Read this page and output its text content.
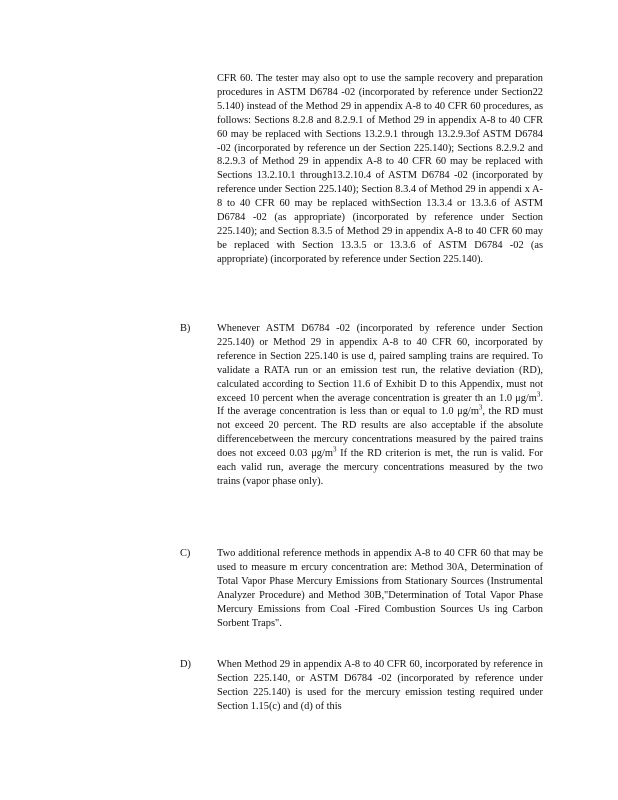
CFR 60. The tester may also opt to use the sample recovery and preparation procedures in ASTM D6784 -02 (incorporated by reference under Section22 5.140) instead of the Method 29 in appendix A-8 to 40 CFR 60 procedures, as follows: Sections 8.2.8 and 8.2.9.1 of Method 29 in appendix A-8 to 40 CFR 60 may be replaced with Sections 13.2.9.1 through 13.2.9.3of ASTM D6784 -02 (incorporated by reference un der Section 225.140); Sections 8.2.9.2 and 8.2.9.3 of Method 29 in appendix A-8 to 40 CFR 60 may be replaced with Sections 13.2.10.1 through13.2.10.4 of ASTM D6784 -02 (incorporated by reference under Section 225.140); Section 8.3.4 of Method 29 in appendi x A-8 to 40 CFR 60 may be replaced withSection 13.3.4 or 13.3.6 of ASTM D6784 -02 (as appropriate) (incorporated by reference under Section 225.140); and Section 8.3.5 of Method 29 in appendix A-8 to 40 CFR 60 may be replaced with Section 13.3.5 or 13.3.6 of ASTM D6784 -02 (as appropriate) (incorporated by reference under Section 225.140).

B)	Whenever ASTM D6784 -02 (incorporated by reference under Section 225.140) or Method 29 in appendix A-8 to 40 CFR 60, incorporated by reference in Section 225.140 is use d, paired sampling trains are required. To validate a RATA run or an emission test run, the relative deviation (RD), calculated according to Section 11.6 of Exhibit D to this Appendix, must not exceed 10 percent when the average concentration is greater th an 1.0 $\mu g/m^3$. If the average concentration is less than or equal to 1.0 $\mu g/m^3$, the RD must not exceed 20 percent. The RD results are also acceptable if the absolute differencebetween the mercury concentrations measured by the paired trains does not exceed 0.03 $\mu g/m^3$ If the RD criterion is met, the run is valid. For each valid run, average the mercury concentrations measured by the two trains (vapor phase only).

C)	Two additional reference methods in appendix A-8 to 40 CFR 60 that may be used to measure m ercury concentration are: Method 30A, Determination of Total Vapor Phase Mercury Emissions from Stationary Sources (Instrumental Analyzer Procedure) and Method 30B,"Determination of Total Vapor Phase Mercury Emissions from Coal -Fired Combustion Sources Us ing Carbon Sorbent Traps".

D)	When Method 29 in appendix A-8 to 40 CFR 60, incorporated by reference in Section 225.140, or ASTM D6784 -02 (incorporated by reference under Section 225.140) is used for the mercury emission testing required under Section 1.15(c) and (d) of this
